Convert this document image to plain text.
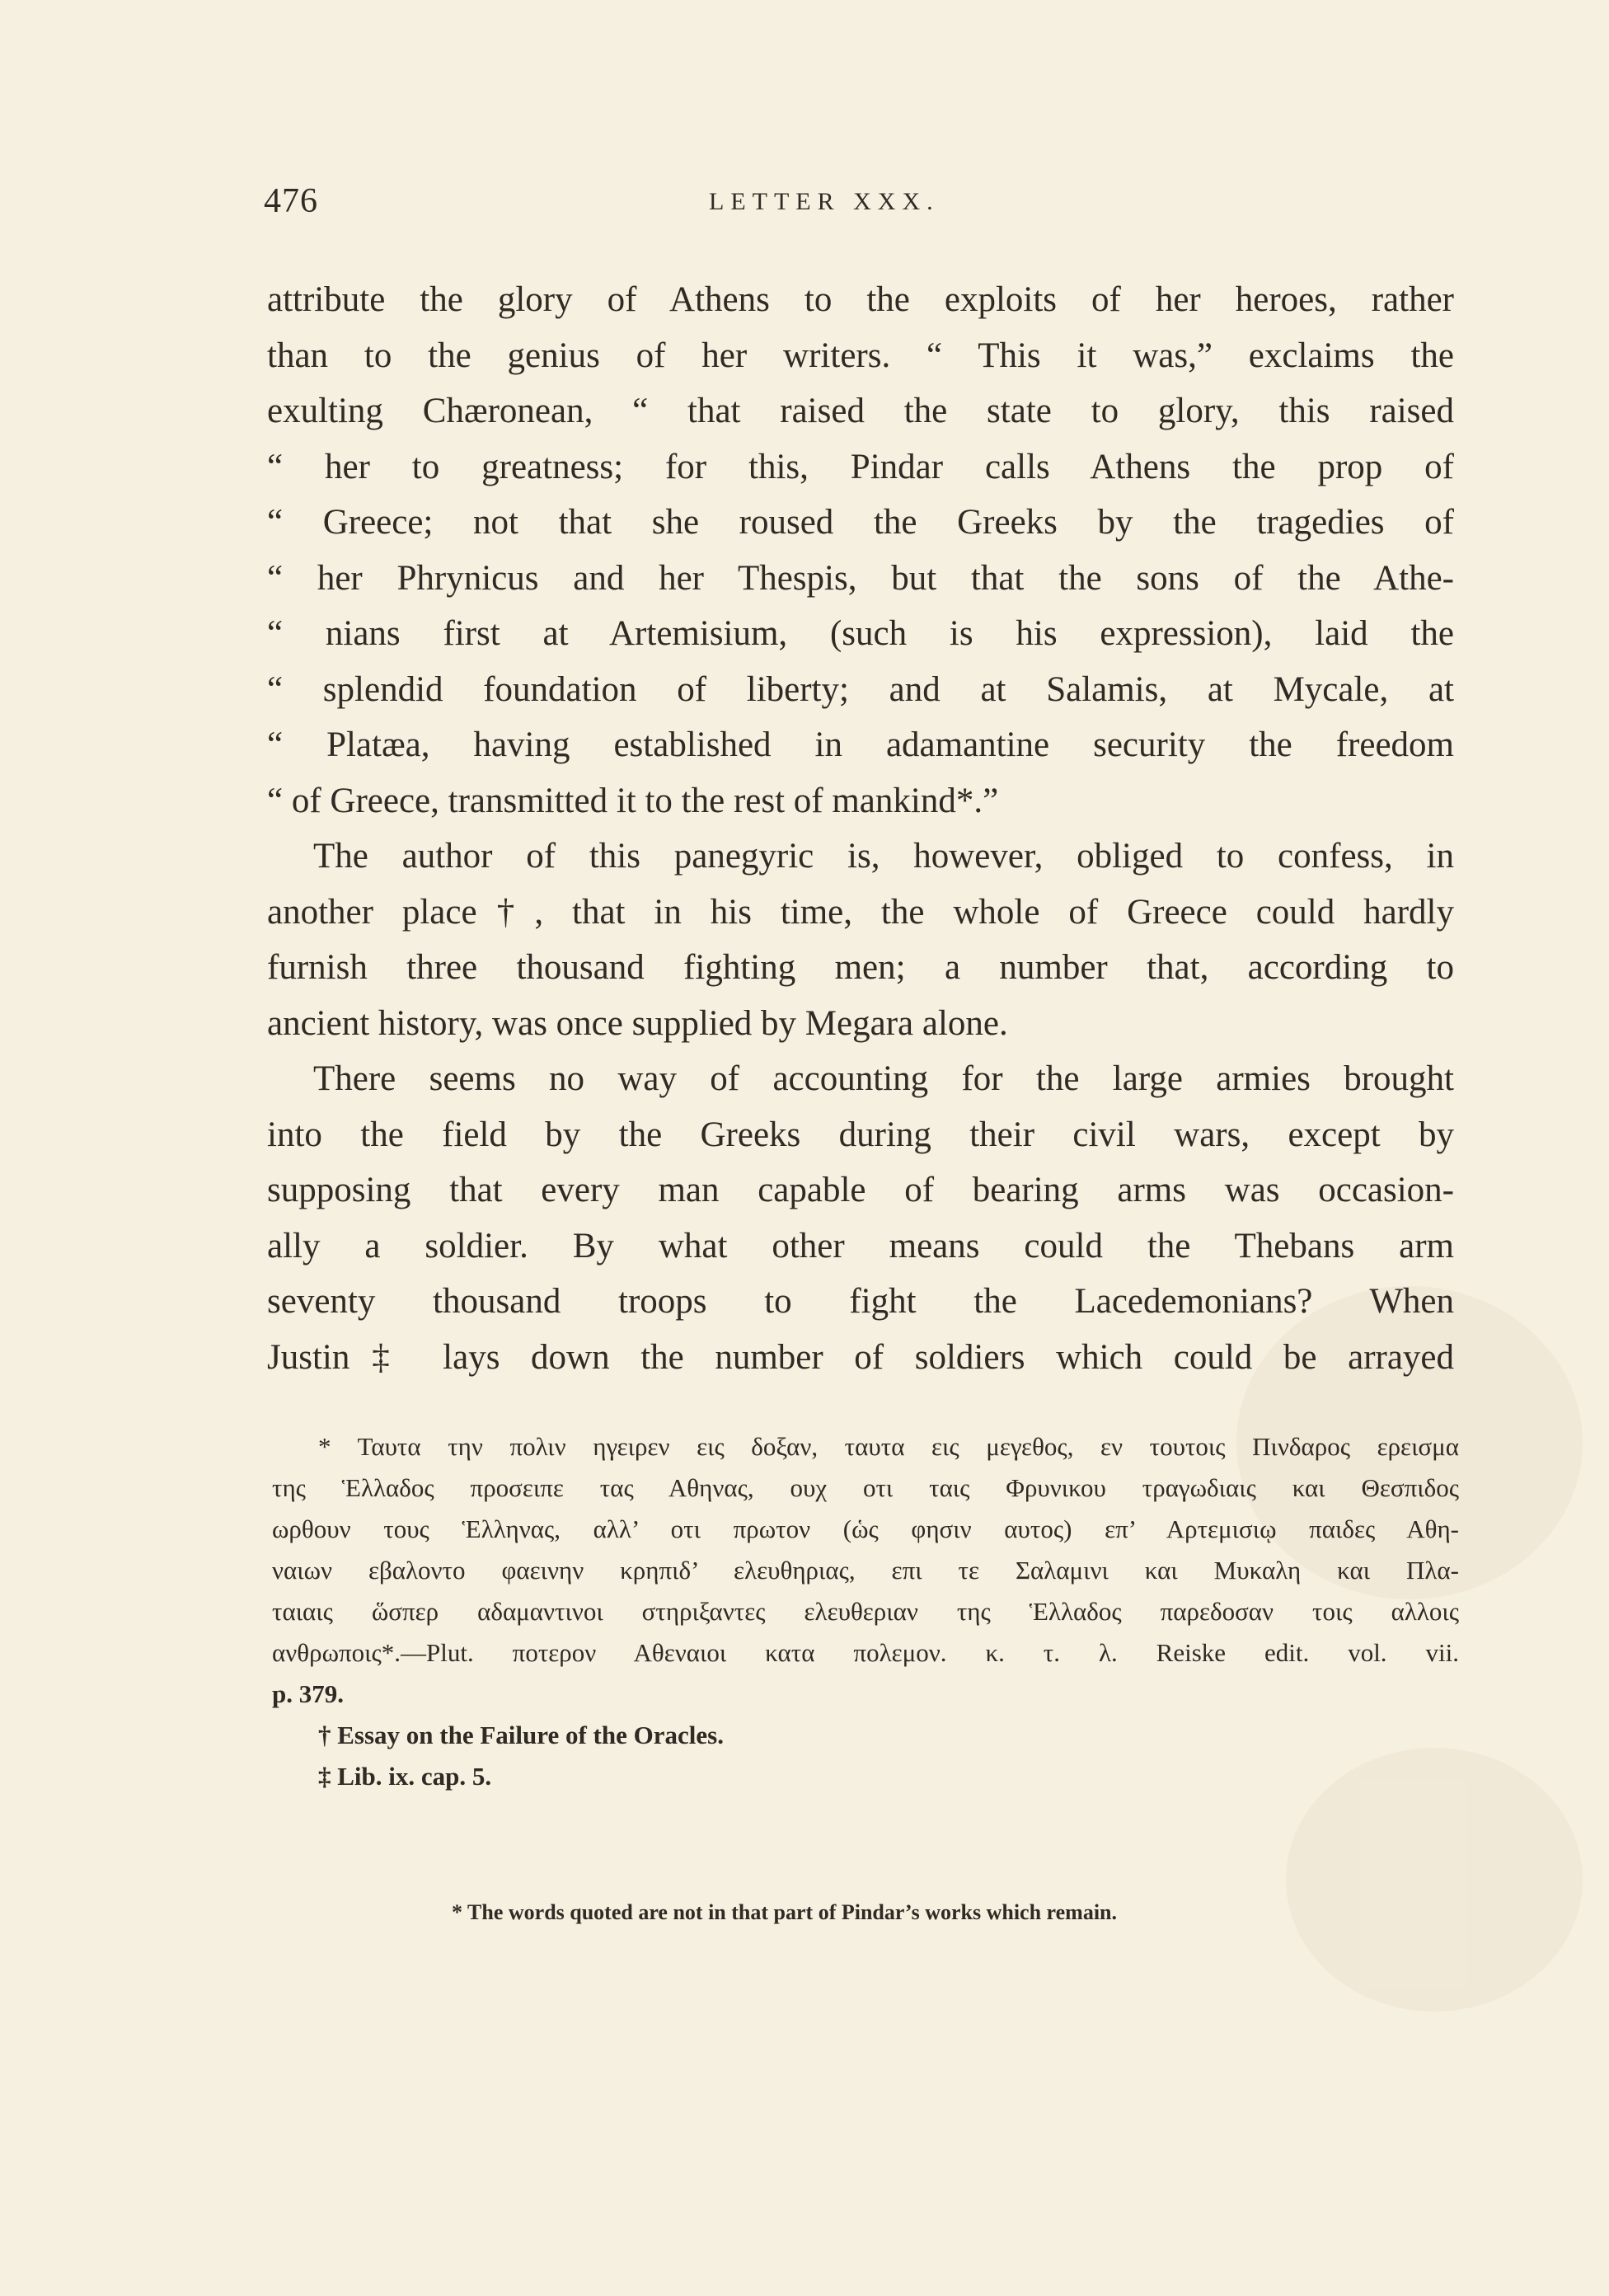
476	LETTER XXX.
attribute the glory of Athens to the exploits of her heroes, rather
than to the genius of her writers. “ This it was,” exclaims the
exulting Chæronean, “ that raised the state to glory, this raised
“ her to greatness; for this, Pindar calls Athens the prop of
“ Greece; not that she roused the Greeks by the tragedies of
“ her Phrynicus and her Thespis, but that the sons of the Athe-
“ nians first at Artemisium, (such is his expression), laid the
“ splendid foundation of liberty; and at Salamis, at Mycale, at
“ Platæa, having established in adamantine security the freedom
“ of Greece, transmitted it to the rest of mankind*.”
The author of this panegyric is, however, obliged to confess, in
another place†, that in his time, the whole of Greece could hardly
furnish three thousand fighting men; a number that, according to
ancient history, was once supplied by Megara alone.
There seems no way of accounting for the large armies brought
into the field by the Greeks during their civil wars, except by
supposing that every man capable of bearing arms was occasion-
ally a soldier. By what other means could the Thebans arm
seventy thousand troops to fight the Lacedemonians? When
Justin‡ lays down the number of soldiers which could be arrayed
* Ταυτα την πολιν ηγειρεν εις δοξαν, ταυτα εις μεγεθος, εν τουτοις Πινδαρος ερεισμα
της Ἑλλαδος προσειπε τας Αθηνας, ουχ οτι ταις Φρυνικου τραγωδιαις και Θεσπιδος
ωρθουν τους Ἑλληνας, αλλ’ οτι πρωτον (ὡς φησιν αυτος) επ’ Αρτεμισιῳ παιδες Αθη-
ναιων εβαλοντο φαεινην κρηπιδ’ ελευθηριας, επι τε Σαλαμινι και Μυκαλη και Πλα-
ταιαις ὥσπερ αδαμαντινοι στηριξαντες ελευθεριαν της Ἑλλαδος παρεδοσαν τοις αλλοις
ανθρωποις*.—Plut. ποτερον Αθεναιοι κατα πολεμον. κ. τ. λ. Reiske edit. vol. vii.
p. 379.
† Essay on the Failure of the Oracles.
‡ Lib. ix. cap. 5.
* The words quoted are not in that part of Pindar’s works which remain.
